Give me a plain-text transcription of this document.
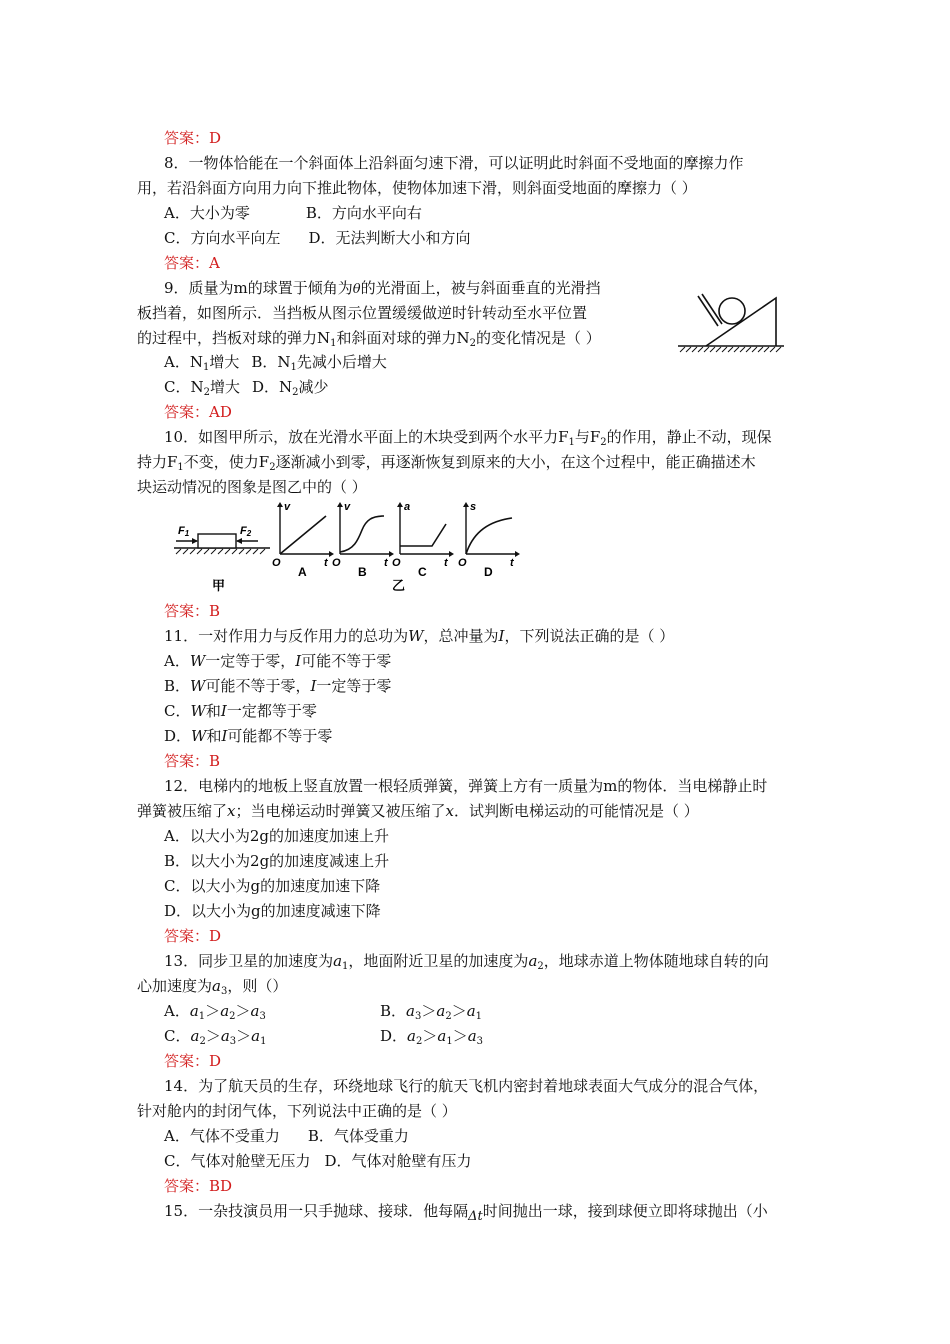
答案：D
8．一物体恰能在一个斜面体上沿斜面匀速下滑，可以证明此时斜面不受地面的摩擦力作
用，若沿斜面方向用力向下推此物体，使物体加速下滑，则斜面受地面的摩擦力（ ）
A．大小为零	B．方向水平向右
C．方向水平向左 D．无法判断大小和方向
答案：A
9．质量为m的球置于倾角为θ的光滑面上，被与斜面垂直的光滑挡
板挡着，如图所示．当挡板从图示位置缓缓做逆时针转动至水平位置
的过程中，挡板对球的弹力$N_1$和斜面对球的弹力$N_2$的变化情况是（ ）
A．$N_1$增大 B．$N_1$先减小后增大
C．$N_2$增大 D．$N_2$减少
答案：AD
10．如图甲所示，放在光滑水平面上的木块受到两个水平力$F_1$与$F_2$的作用，静止不动，现保
持力$F_1$不变，使力$F_2$逐渐减小到零，再逐渐恢复到原来的大小，在这个过程中，能正确描述木
块运动情况的图象是图乙中的（ ）
F1	F2
甲
v
O	t
A
v
O	t
B
a
O	t
C
s
O	t
D
乙
答案：B
11．一对作用力与反作用力的总功为W，总冲量为I，下列说法正确的是（ ）
A．W一定等于零，I可能不等于零
B．W可能不等于零，I一定等于零
C．W和I一定都等于零
D．W和I可能都不等于零
答案：B
12．电梯内的地板上竖直放置一根轻质弹簧，弹簧上方有一质量为m的物体．当电梯静止时
弹簧被压缩了x；当电梯运动时弹簧又被压缩了x．试判断电梯运动的可能情况是（ ）
A．以大小为2g的加速度加速上升
B．以大小为2g的加速度减速上升
C．以大小为g的加速度加速下降
D．以大小为g的加速度减速下降
答案：D
13．同步卫星的加速度为$a_1$，地面附近卫星的加速度为$a_2$，地球赤道上物体随地球自转的向
心加速度为$a_3$，则（）
A．$a_1>a_2>a_3$	B．$a_3>a_2>a_1$
C．$a_2>a_3>a_1$	D．$a_2>a_1>a_3$
答案：D
14．为了航天员的生存，环绕地球飞行的航天飞机内密封着地球表面大气成分的混合气体，
针对舱内的封闭气体，下列说法中正确的是（ ）
A．气体不受重力 B．气体受重力
C．气体对舱壁无压力 D．气体对舱壁有压力
答案：BD
15．一杂技演员用一只手抛球、接球．他每隔Δt时间抛出一球，接到球便立即将球抛出（小
